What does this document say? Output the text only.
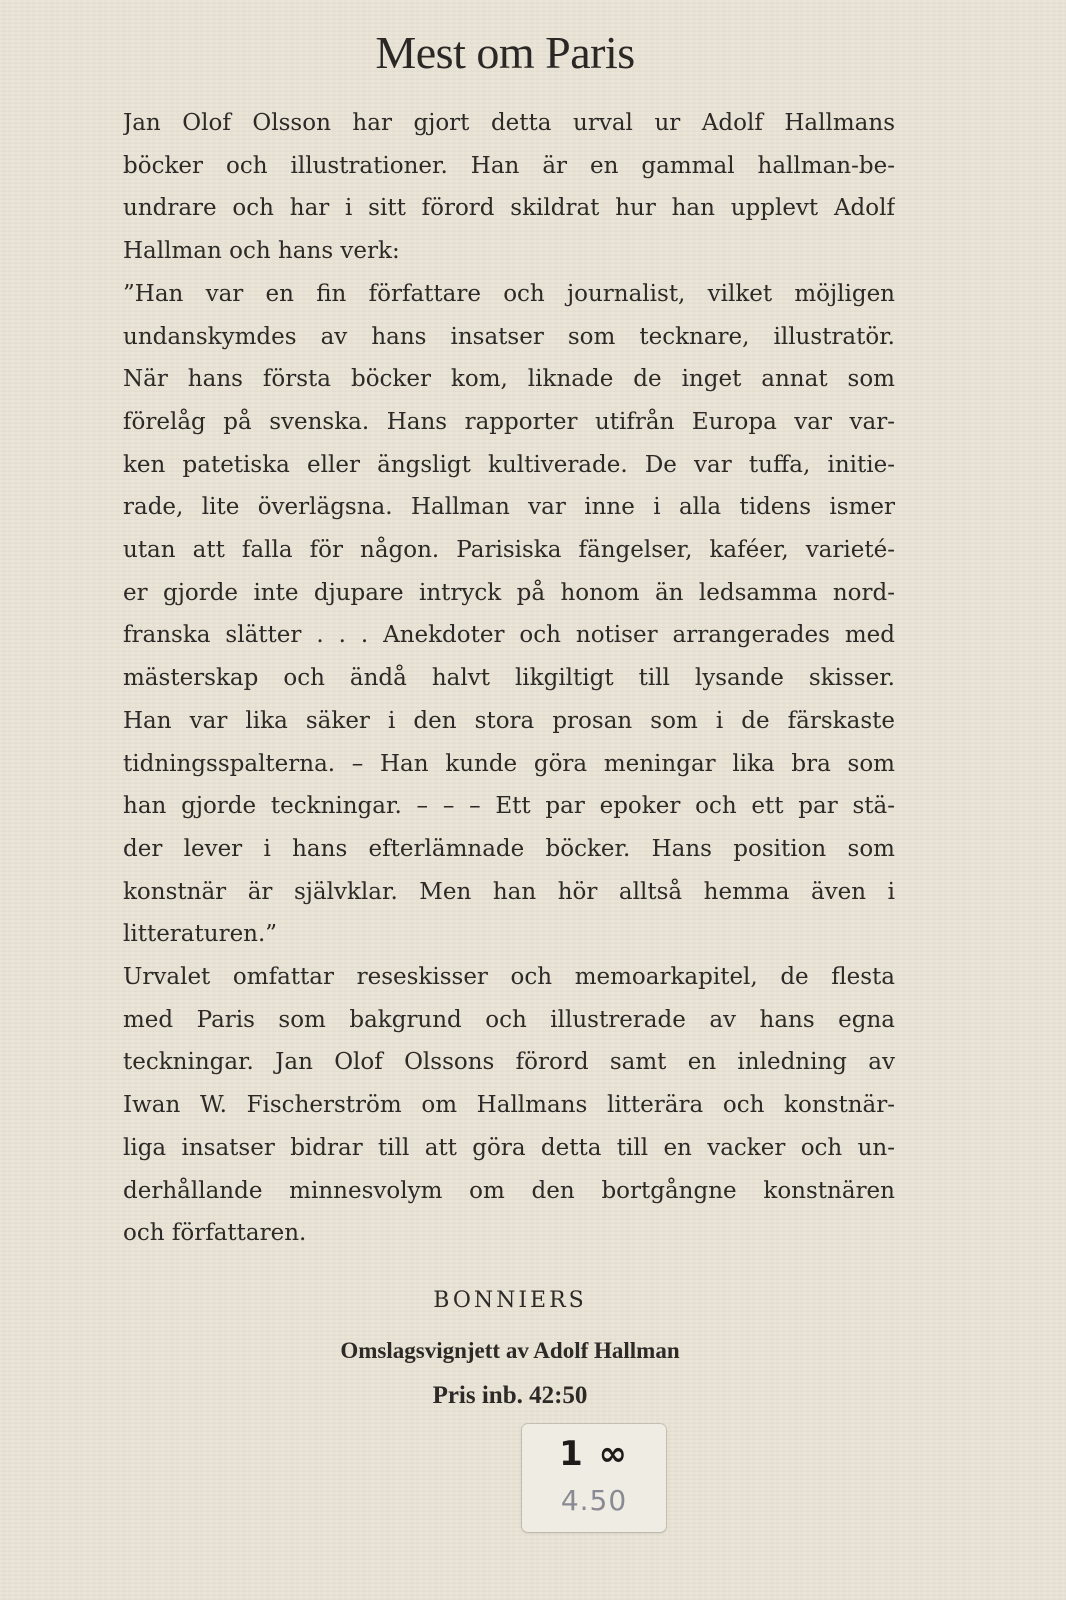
Mest om Paris
Jan Olof Olsson har gjort detta urval ur Adolf Hallmans
böcker och illustrationer. Han är en gammal hallman-be-
undrare och har i sitt förord skildrat hur han upplevt Adolf
Hallman och hans verk:
”Han var en fin författare och journalist, vilket möjligen
undanskymdes av hans insatser som tecknare, illustratör.
När hans första böcker kom, liknade de inget annat som
förelåg på svenska. Hans rapporter utifrån Europa var var-
ken patetiska eller ängsligt kultiverade. De var tuffa, initie-
rade, lite överlägsna. Hallman var inne i alla tidens ismer
utan att falla för någon. Parisiska fängelser, kaféer, varieté-
er gjorde inte djupare intryck på honom än ledsamma nord-
franska slätter . . . Anekdoter och notiser arrangerades med
mästerskap och ändå halvt likgiltigt till lysande skisser.
Han var lika säker i den stora prosan som i de färskaste
tidningsspalterna. – Han kunde göra meningar lika bra som
han gjorde teckningar. – – – Ett par epoker och ett par stä-
der lever i hans efterlämnade böcker. Hans position som
konstnär är självklar. Men han hör alltså hemma även i
litteraturen.”
Urvalet omfattar reseskisser och memoarkapitel, de flesta
med Paris som bakgrund och illustrerade av hans egna
teckningar. Jan Olof Olssons förord samt en inledning av
Iwan W. Fischerström om Hallmans litterära och konstnär-
liga insatser bidrar till att göra detta till en vacker och un-
derhållande minnesvolym om den bortgångne konstnären
och författaren.
BONNIERS
Omslagsvignjett av Adolf Hallman
Pris inb. 42:50
1 ∞
4.50
